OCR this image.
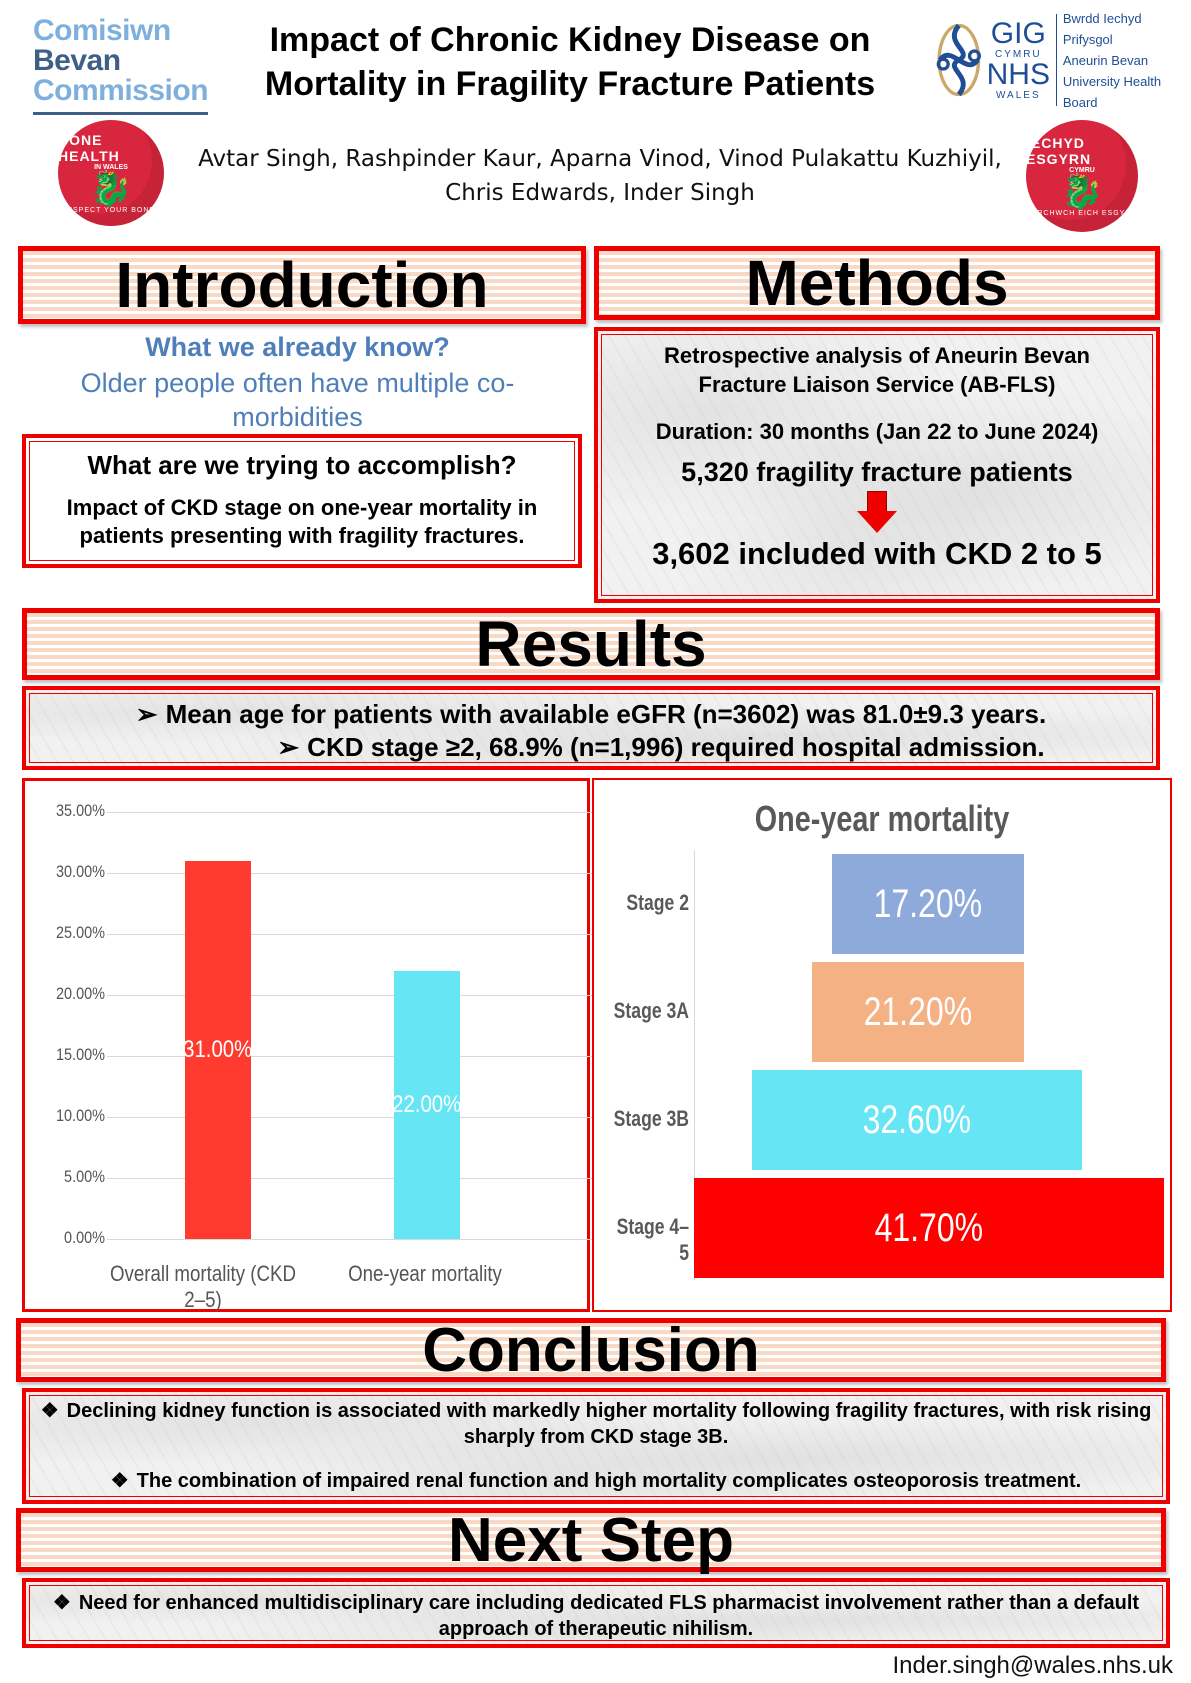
Comisiwn
Bevan
Commission
Impact of Chronic Kidney Disease on
Mortality in Fragility Fracture Patients
GIG
CYMRU
NHS
WALES
Bwrdd Iechyd Prifysgol
Aneurin Bevan
University Health Board
BONE HEALTH
IN WALES
🐉
RESPECT YOUR BONES
Avtar Singh, Rashpinder Kaur, Aparna Vinod, Vinod Pulakattu Kuzhiyil,
Chris Edwards, Inder Singh
IECHYD ESGYRN
CYMRU
🐉
PARCHWCH EICH ESGYRN
Introduction
What we already know?
Older people often have multiple co-morbidities
What are we trying to accomplish?
Impact of CKD stage on one-year mortality in patients presenting with fragility fractures.
Methods
Retrospective analysis of Aneurin Bevan
Fracture Liaison Service (AB-FLS)
Duration: 30 months (Jan 22 to June 2024)
5,320 fragility fracture patients
3,602 included with CKD 2 to 5
Results
➢ Mean age for patients with available eGFR (n=3602) was 81.0±9.3 years.
➢ CKD stage ≥2, 68.9% (n=1,996) required hospital admission.
35.00%
30.00%
25.00%
20.00%
15.00%
10.00%
5.00%
0.00%
31.00%
22.00%
Overall mortality (CKD 2–5)
One-year mortality
One-year mortality
Stage 2
Stage 3A
Stage 3B
Stage 4–5
17.20%
21.20%
32.60%
41.70%
Conclusion
❖ Declining kidney function is associated with markedly higher mortality following fragility fractures, with risk rising sharply from CKD stage 3B.
❖ The combination of impaired renal function and high mortality complicates osteoporosis treatment.
Next Step
❖ Need for enhanced multidisciplinary care including dedicated FLS pharmacist involvement rather than a default approach of therapeutic nihilism.
Inder.singh@wales.nhs.uk
